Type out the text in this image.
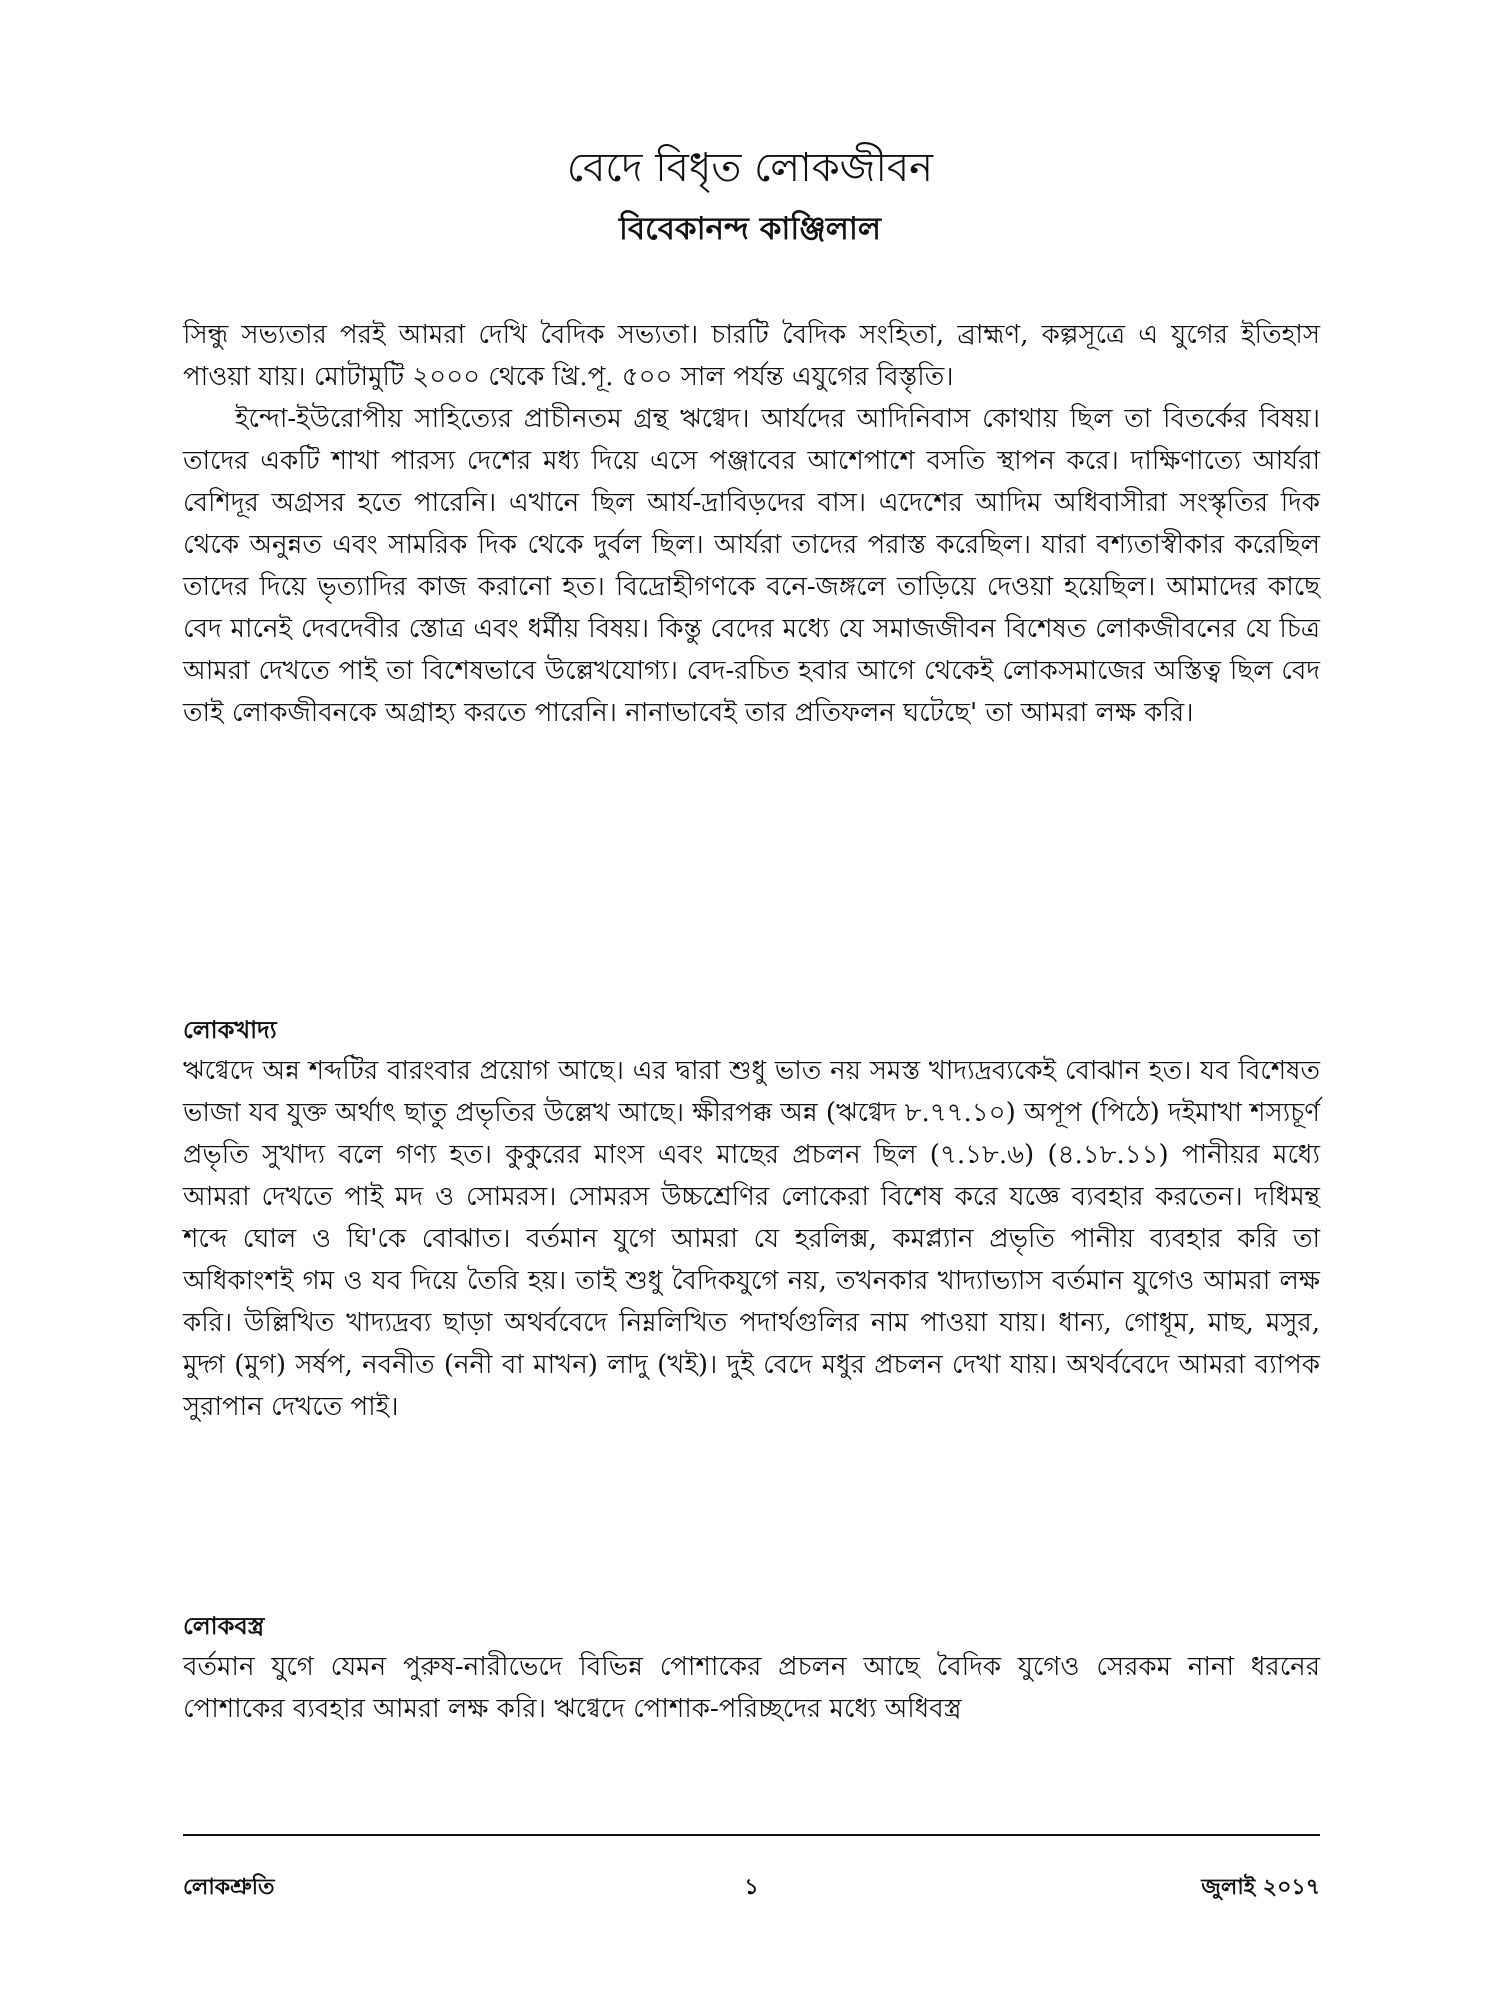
বেদে বিধৃত লোকজীবন
বিবেকানন্দ কাঞ্জিলাল

সিন্ধু সভ্যতার পরই আমরা দেখি বৈদিক সভ্যতা। চারটি বৈদিক সংহিতা, ব্রাহ্মণ, কল্পসূত্রে এ যুগের ইতিহাস পাওয়া যায়। মোটামুটি ২০০০ থেকে খ্রি.পূ. ৫০০ সাল পর্যন্ত এযুগের বিস্তৃতি।

ইন্দো-ইউরোপীয় সাহিত্যের প্রাচীনতম গ্রন্থ ঋগ্বেদ। আর্যদের আদিনিবাস কোথায় ছিল তা বিতর্কের বিষয়। তাদের একটি শাখা পারস্য দেশের মধ্য দিয়ে এসে পঞ্জাবের আশেপাশে বসতি স্থাপন করে। দাক্ষিণাত্যে আর্যরা বেশিদূর অগ্রসর হতে পারেনি। এখানে ছিল আর্য-দ্রাবিড়দের বাস। এদেশের আদিম অধিবাসীরা সংস্কৃতির দিক থেকে অনুন্নত এবং সামরিক দিক থেকে দুর্বল ছিল। আর্যরা তাদের পরাস্ত করেছিল। যারা বশ্যতাস্বীকার করেছিল তাদের দিয়ে ভৃত্যাদির কাজ করানো হত। বিদ্রোহীগণকে বনে-জঙ্গলে তাড়িয়ে দেওয়া হয়েছিল। আমাদের কাছে বেদ মানেই দেবদেবীর স্তোত্র এবং ধর্মীয় বিষয়। কিন্তু বেদের মধ্যে যে সমাজজীবন বিশেষত লোকজীবনের যে চিত্র আমরা দেখতে পাই তা বিশেষভাবে উল্লেখযোগ্য। বেদ-রচিত হবার আগে থেকেই লোকসমাজের অস্তিত্ব ছিল বেদ তাই লোকজীবনকে অগ্রাহ্য করতে পারেনি। নানাভাবেই তার প্রতিফলন ঘটেছে' তা আমরা লক্ষ করি।

লোকখাদ্য

ঋগ্বেদে অন্ন শব্দটির বারংবার প্রয়োগ আছে। এর দ্বারা শুধু ভাত নয় সমস্ত খাদ্যদ্রব্যকেই বোঝান হত। যব বিশেষত ভাজা যব যুক্ত অর্থাৎ ছাতু প্রভৃতির উল্লেখ আছে। ক্ষীরপক্ক অন্ন (ঋগ্বেদ ৮.৭৭.১০) অপূপ (পিঠে) দইমাখা শস্যচূর্ণ প্রভৃতি সুখাদ্য বলে গণ্য হত। কুকুরের মাংস এবং মাছের প্রচলন ছিল (৭.১৮.৬) (৪.১৮.১১) পানীয়র মধ্যে আমরা দেখতে পাই মদ ও সোমরস। সোমরস উচ্চশ্রেণির লোকেরা বিশেষ করে যজ্ঞে ব্যবহার করতেন। দধিমন্থ শব্দে ঘোল ও ঘি'কে বোঝাত। বর্তমান যুগে আমরা যে হরলিক্স, কমপ্ল্যান প্রভৃতি পানীয় ব্যবহার করি তা অধিকাংশই গম ও যব দিয়ে তৈরি হয়। তাই শুধু বৈদিকযুগে নয়, তখনকার খাদ্যাভ্যাস বর্তমান যুগেও আমরা লক্ষ করি। উল্লিখিত খাদ্যদ্রব্য ছাড়া অথর্ববেদে নিম্নলিখিত পদার্থগুলির নাম পাওয়া যায়। ধান্য, গোধূম, মাছ, মসুর, মুদ্গ (মুগ) সর্ষপ, নবনীত (ননী বা মাখন) লাদু (খই)। দুই বেদে মধুর প্রচলন দেখা যায়। অথর্ববেদে আমরা ব্যাপক সুরাপান দেখতে পাই।

লোকবস্ত্র

বর্তমান যুগে যেমন পুরুষ-নারীভেদে বিভিন্ন পোশাকের প্রচলন আছে বৈদিক যুগেও সেরকম নানা ধরনের পোশাকের ব্যবহার আমরা লক্ষ করি। ঋগ্বেদে পোশাক-পরিচ্ছদের মধ্যে অধিবস্ত্র

লোকশ্রুতি	১	জুলাই ২০১৭
